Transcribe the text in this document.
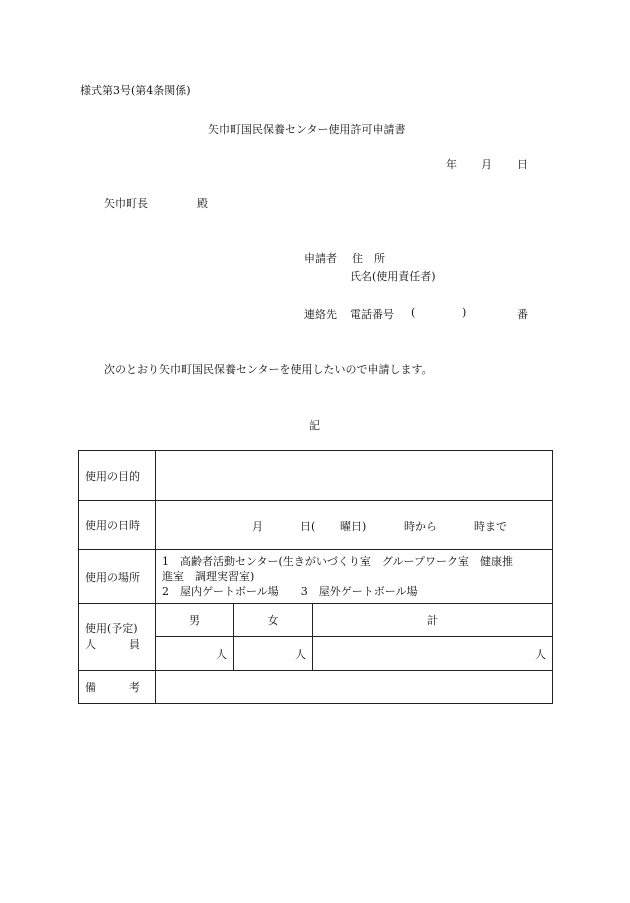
様式第3号(第4条関係)
矢巾町国民保養センター使用許可申請書
年 月 日
矢巾町長	殿
申請者 住　所
氏名(使用責任者)
連絡先 電話番号 (	)	番
次のとおり矢巾町国民保養センターを使用したいので申請します。
記
使用の目的			
使用の日時	月 日( 曜日) 時から 時まで		

使用の場所	1　高齢者活動センター(生きがいづくり室　グループワーク室　健康推
進室　調理実習室)
2　屋内ゲートボール場　　3　屋外ゲートボール場		

使用(予定)
人　　　員	男	女	計
	人	人	人
備　　　考			
